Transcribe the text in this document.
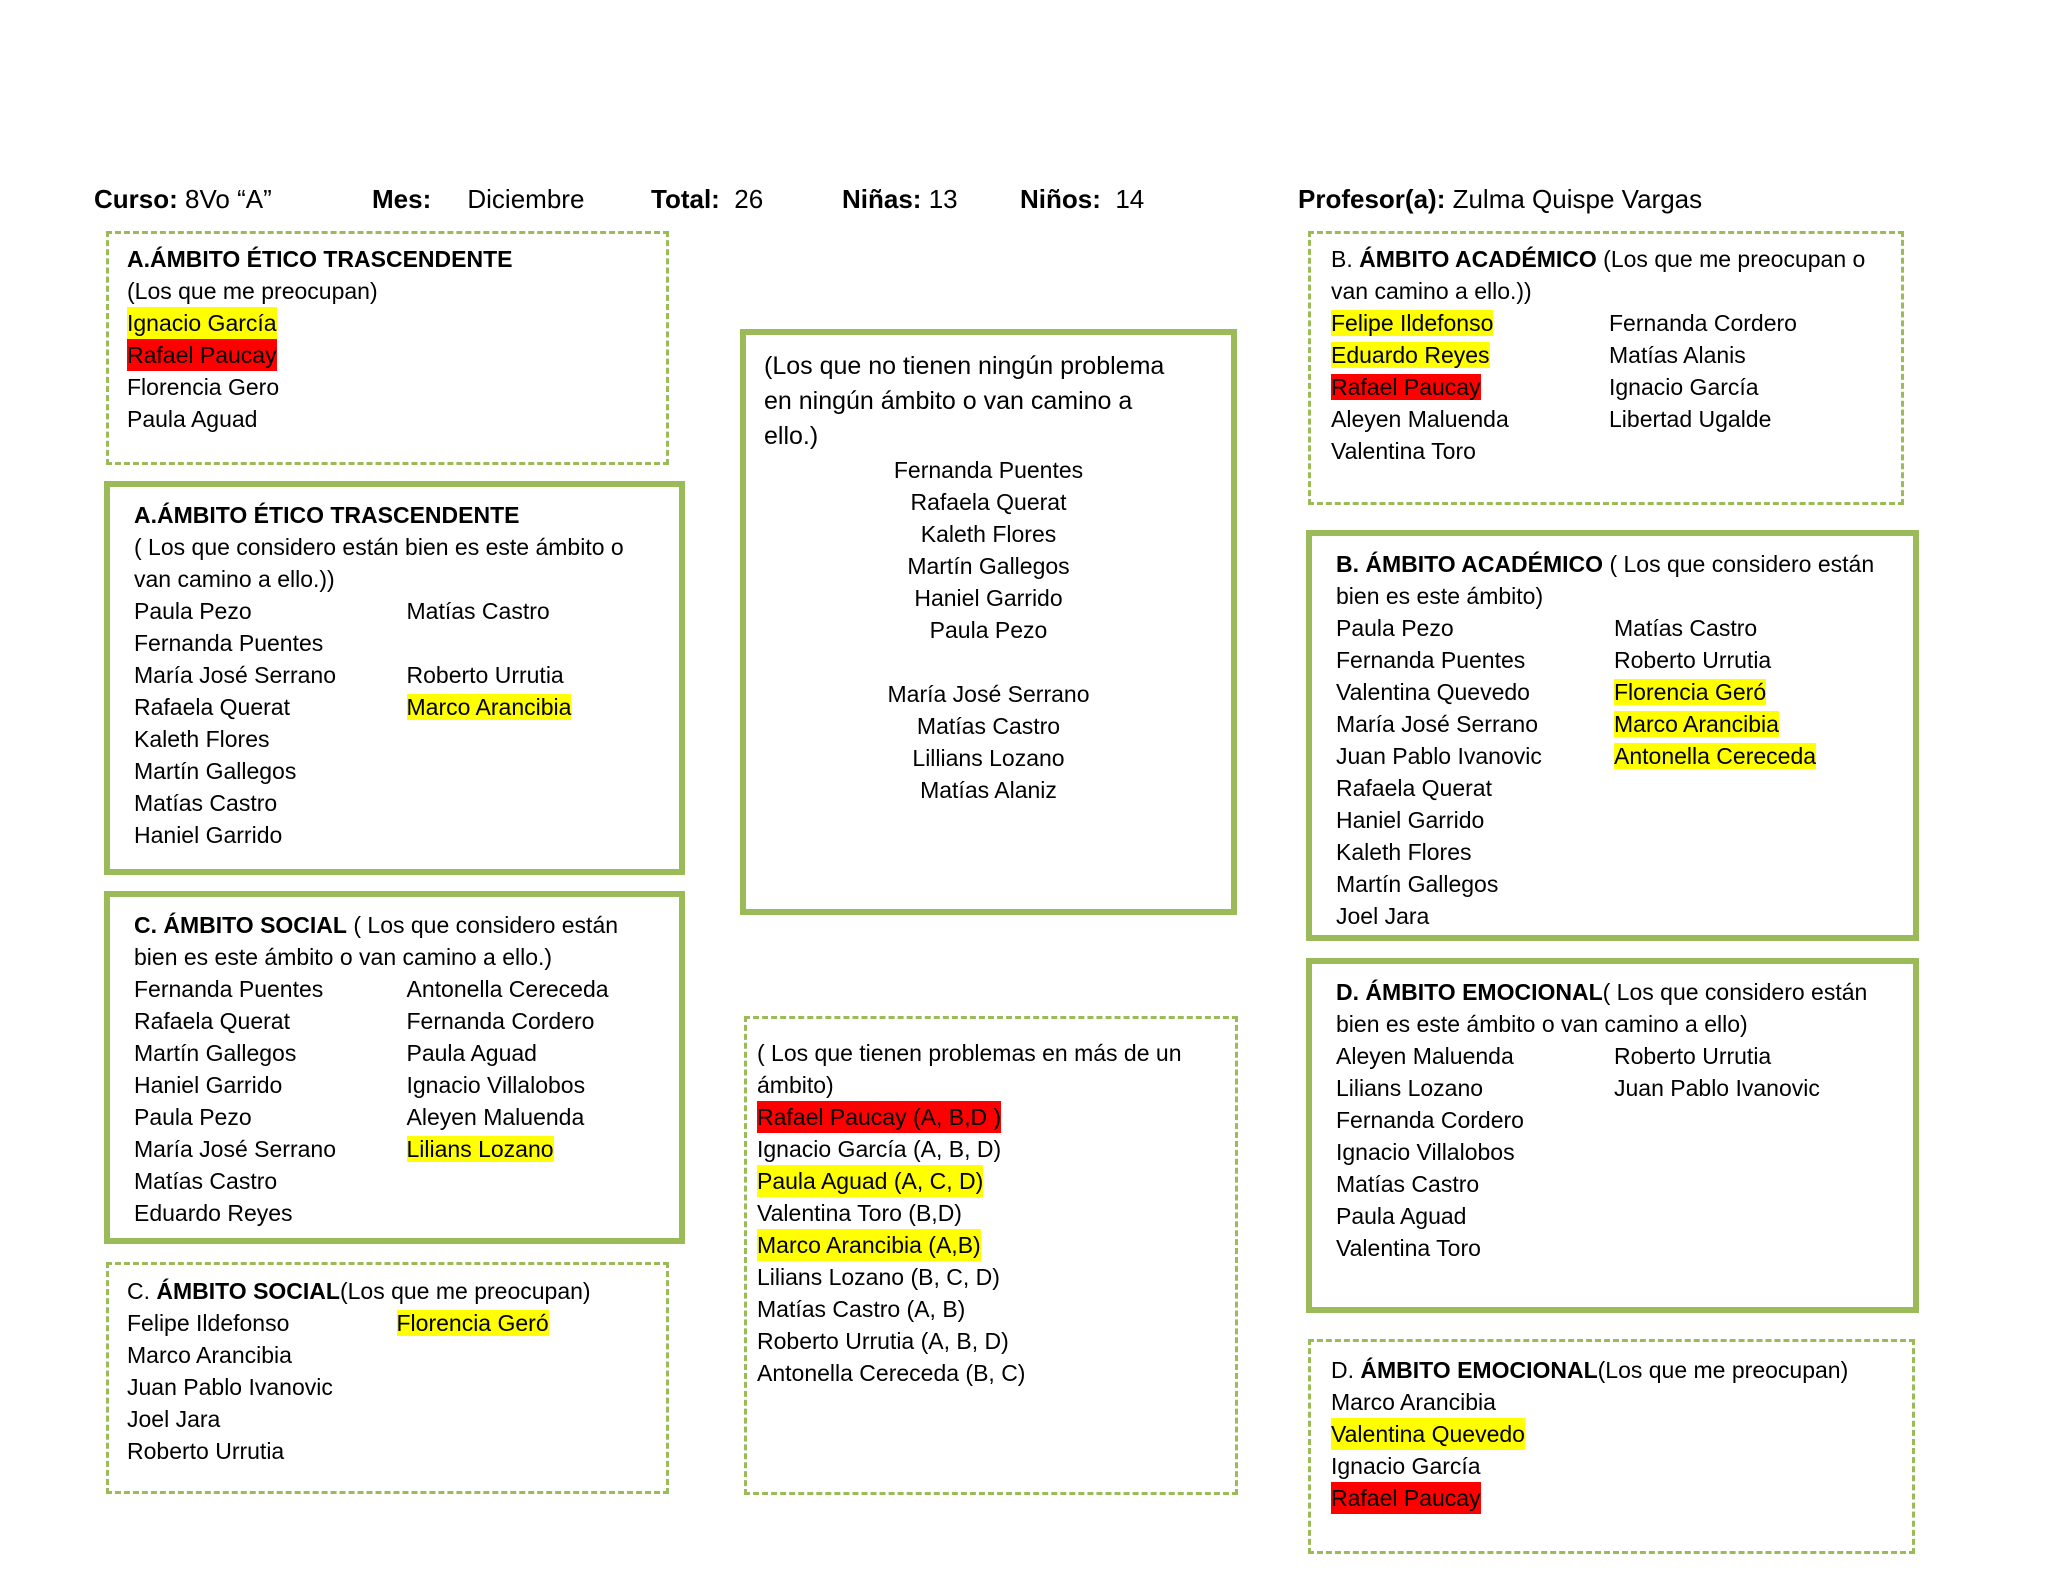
Curso: 8Vo “A”	Mes: Diciembre	Total: 26	Niñas: 13 Niños: 14	Profesor(a): Zulma Quispe Vargas
A.ÁMBITO ÉTICO TRASCENDENTE
(Los que me preocupan)
Ignacio García
Rafael Paucay
Florencia Gero
Paula Aguad
A.ÁMBITO ÉTICO TRASCENDENTE
( Los que considero están bien es este ámbito o
van camino a ello.))
Paula Pezo	Matías Castro
Fernanda Puentes
María José Serrano	Roberto Urrutia
Rafaela Querat	Marco Arancibia
Kaleth Flores
Martín Gallegos
Matías Castro
Haniel Garrido
C. ÁMBITO SOCIAL ( Los que considero están
bien es este ámbito o van camino a ello.)
Fernanda Puentes	Antonella Cereceda
Rafaela Querat	Fernanda Cordero
Martín Gallegos	Paula Aguad
Haniel Garrido	Ignacio Villalobos
Paula Pezo	Aleyen Maluenda
María José Serrano	Lilians Lozano
Matías Castro
Eduardo Reyes
C. ÁMBITO SOCIAL(Los que me preocupan)
Felipe Ildefonso	Florencia Geró
Marco Arancibia
Juan Pablo Ivanovic
Joel Jara
Roberto Urrutia
(Los que no tienen ningún problema
en ningún ámbito o van camino a
ello.)
Fernanda Puentes
Rafaela Querat
Kaleth Flores
Martín Gallegos
Haniel Garrido
Paula Pezo
María José Serrano
Matías Castro
Lillians Lozano
Matías Alaniz
( Los que tienen problemas en más de un
ámbito)
Rafael Paucay (A, B,D )
Ignacio García (A, B, D)
Paula Aguad (A, C, D)
Valentina Toro (B,D)
Marco Arancibia (A,B)
Lilians Lozano (B, C, D)
Matías Castro (A, B)
Roberto Urrutia (A, B, D)
Antonella Cereceda (B, C)
B. ÁMBITO ACADÉMICO (Los que me preocupan o
van camino a ello.))
Felipe Ildefonso	Fernanda Cordero
Eduardo Reyes	Matías Alanis
Rafael Paucay	Ignacio García
Aleyen Maluenda	Libertad Ugalde
Valentina Toro
B. ÁMBITO ACADÉMICO ( Los que considero están
bien es este ámbito)
Paula Pezo	Matías Castro
Fernanda Puentes	Roberto Urrutia
Valentina Quevedo	Florencia Geró
María José Serrano	Marco Arancibia
Juan Pablo Ivanovic	Antonella Cereceda
Rafaela Querat
Haniel Garrido
Kaleth Flores
Martín Gallegos
Joel Jara
D. ÁMBITO EMOCIONAL( Los que considero están
bien es este ámbito o van camino a ello)
Aleyen Maluenda	Roberto Urrutia
Lilians Lozano	Juan Pablo Ivanovic
Fernanda Cordero
Ignacio Villalobos
Matías Castro
Paula Aguad
Valentina Toro
D. ÁMBITO EMOCIONAL(Los que me preocupan)
Marco Arancibia
Valentina Quevedo
Ignacio García
Rafael Paucay
